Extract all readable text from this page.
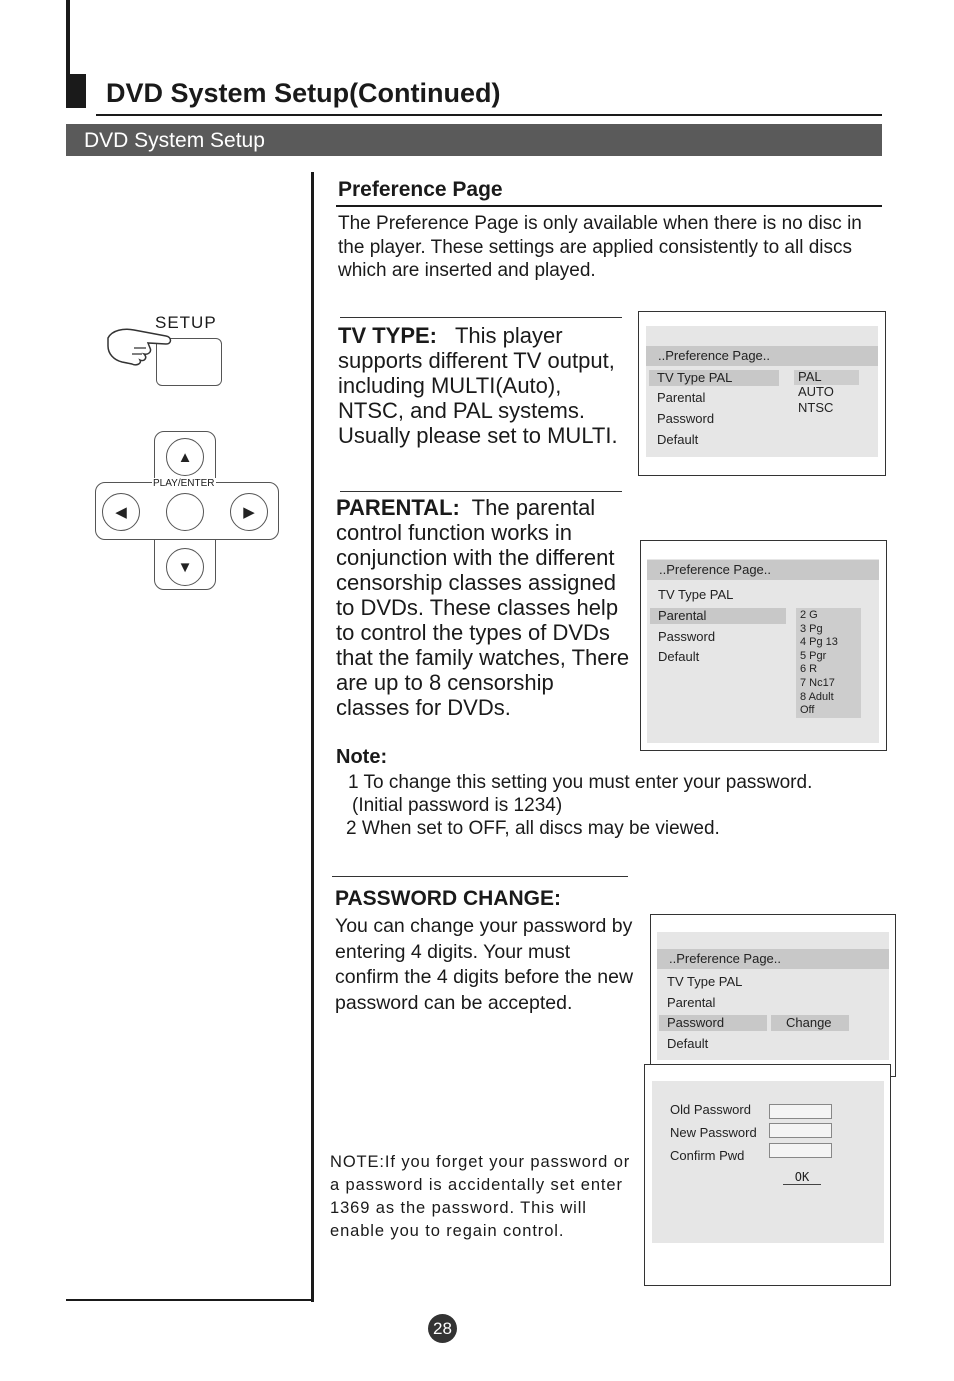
DVD System Setup(Continued)
DVD System Setup
SETUP
▲
◀	▶
▼
PLAY/ENTER
Preference Page
The Preference Page is only available when there is no disc in the player. These settings are applied consistently to all discs which are inserted and played.
TV TYPE: This player supports different TV output, including MULTI(Auto), NTSC, and PAL systems. Usually please set to MULTI.
..Preference Page..
TV Type PAL
Parental
Password
Default
PAL
AUTO
NTSC
PARENTAL: The parental control function works in conjunction with the different censorship classes assigned to DVDs. These classes help to control the types of DVDs that the family watches, There are up to 8 censorship classes for DVDs.
..Preference Page..
TV Type PAL
Parental
Password
Default
2 G
3 Pg
4 Pg 13
5 Pgr
6 R
7 Nc17
8 Adult
Off
Note:
1 To change this setting you must enter your password.
(Initial password is 1234)
2 When set to OFF, all discs may be viewed.
PASSWORD CHANGE:
You can change your password by entering 4 digits. Your must confirm the 4 digits before the new password can be accepted.
..Preference Page..
TV Type PAL
Parental
Password	Change
Default
Old Password
New Password
Confirm Pwd
OK
NOTE:If you forget your password or a password is accidentally set enter 1369 as the password. This will enable you to regain control.
28
